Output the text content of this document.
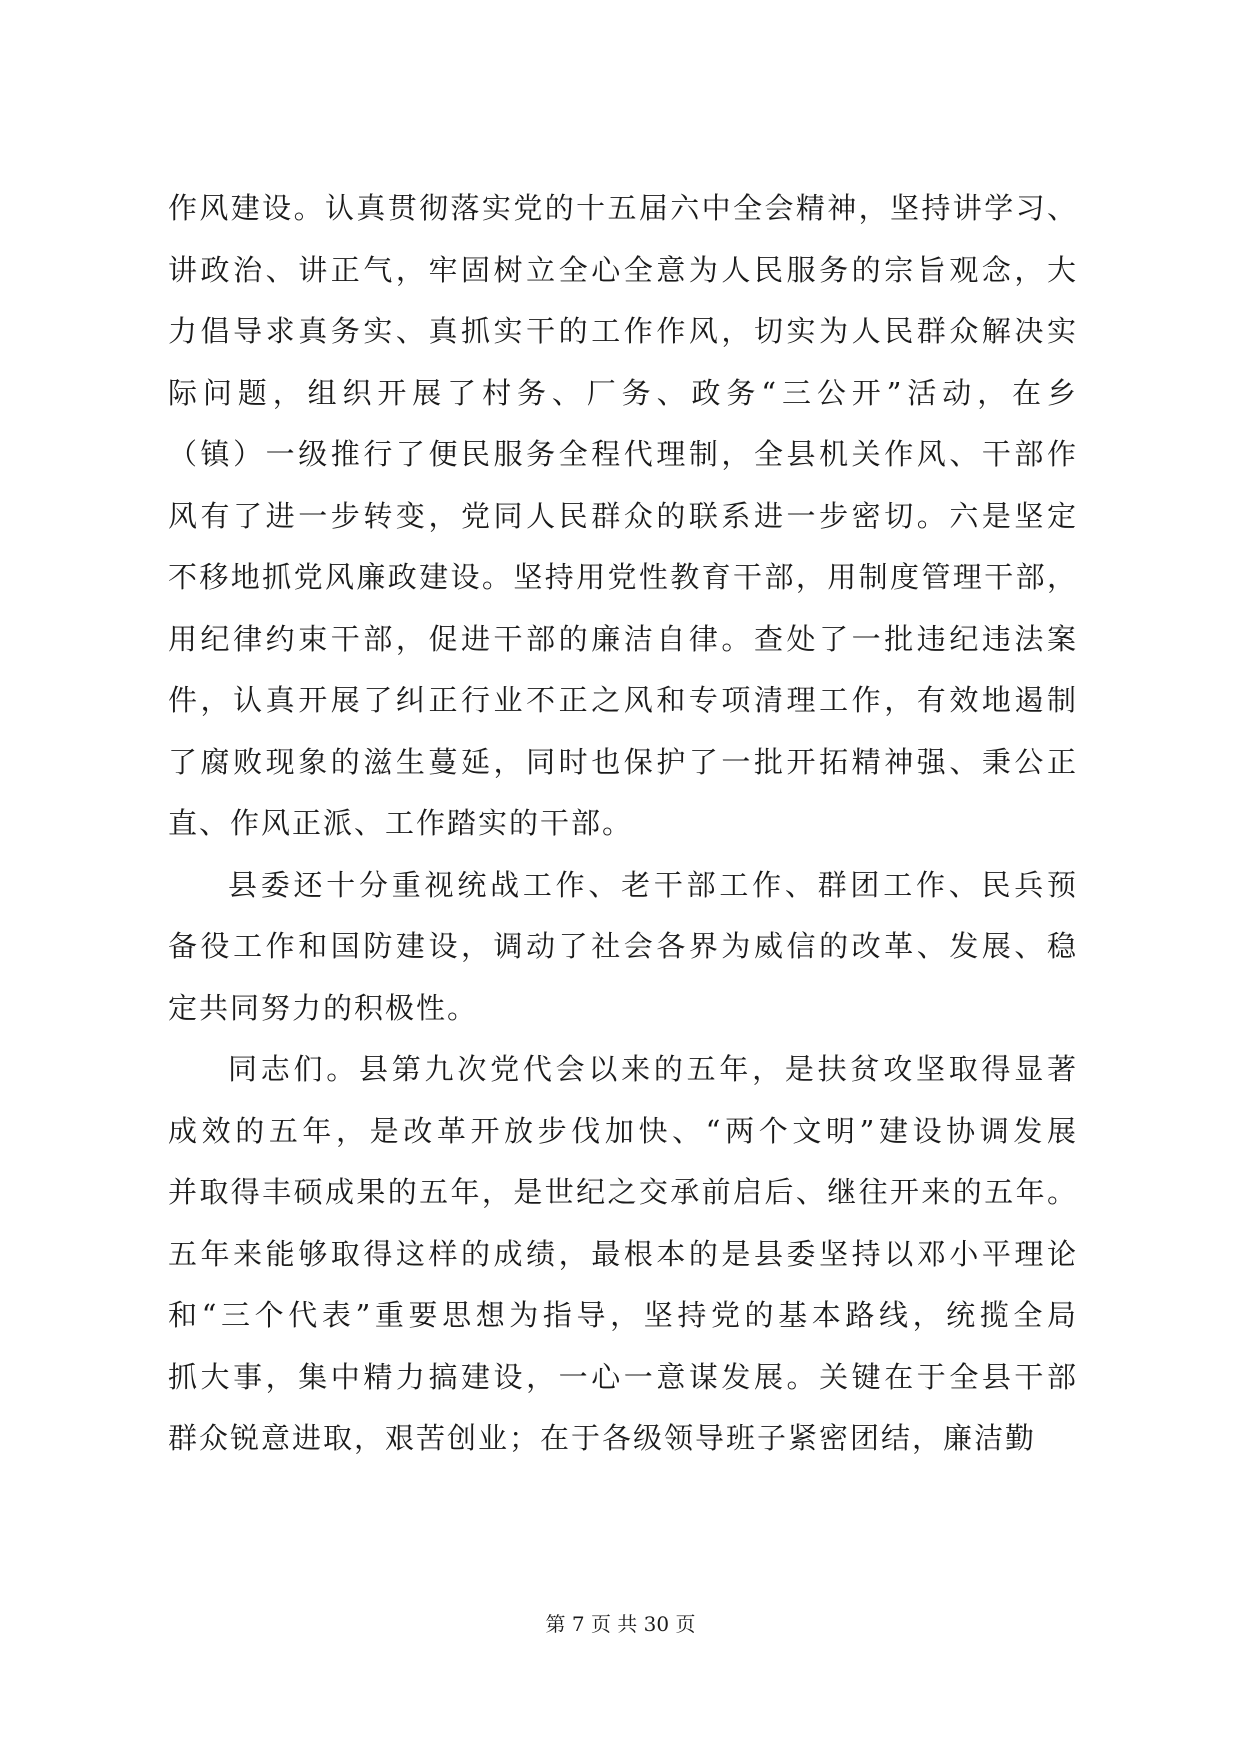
作风建设。认真贯彻落实党的十五届六中全会精神，坚持讲学习、
讲政治、讲正气，牢固树立全心全意为人民服务的宗旨观念，大
力倡导求真务实、真抓实干的工作作风，切实为人民群众解决实
际问题，组织开展了村务、厂务、政务“三公开”活动，在乡
（镇）一级推行了便民服务全程代理制，全县机关作风、干部作
风有了进一步转变，党同人民群众的联系进一步密切。六是坚定
不移地抓党风廉政建设。坚持用党性教育干部，用制度管理干部，
用纪律约束干部，促进干部的廉洁自律。查处了一批违纪违法案
件，认真开展了纠正行业不正之风和专项清理工作，有效地遏制
了腐败现象的滋生蔓延，同时也保护了一批开拓精神强、秉公正
直、作风正派、工作踏实的干部。
县委还十分重视统战工作、老干部工作、群团工作、民兵预
备役工作和国防建设，调动了社会各界为威信的改革、发展、稳
定共同努力的积极性。
同志们。县第九次党代会以来的五年，是扶贫攻坚取得显著
成效的五年，是改革开放步伐加快、“两个文明”建设协调发展
并取得丰硕成果的五年，是世纪之交承前启后、继往开来的五年。
五年来能够取得这样的成绩，最根本的是县委坚持以邓小平理论
和“三个代表”重要思想为指导，坚持党的基本路线，统揽全局
抓大事，集中精力搞建设，一心一意谋发展。关键在于全县干部
群众锐意进取，艰苦创业；在于各级领导班子紧密团结，廉洁勤
第 7 页 共 30 页
